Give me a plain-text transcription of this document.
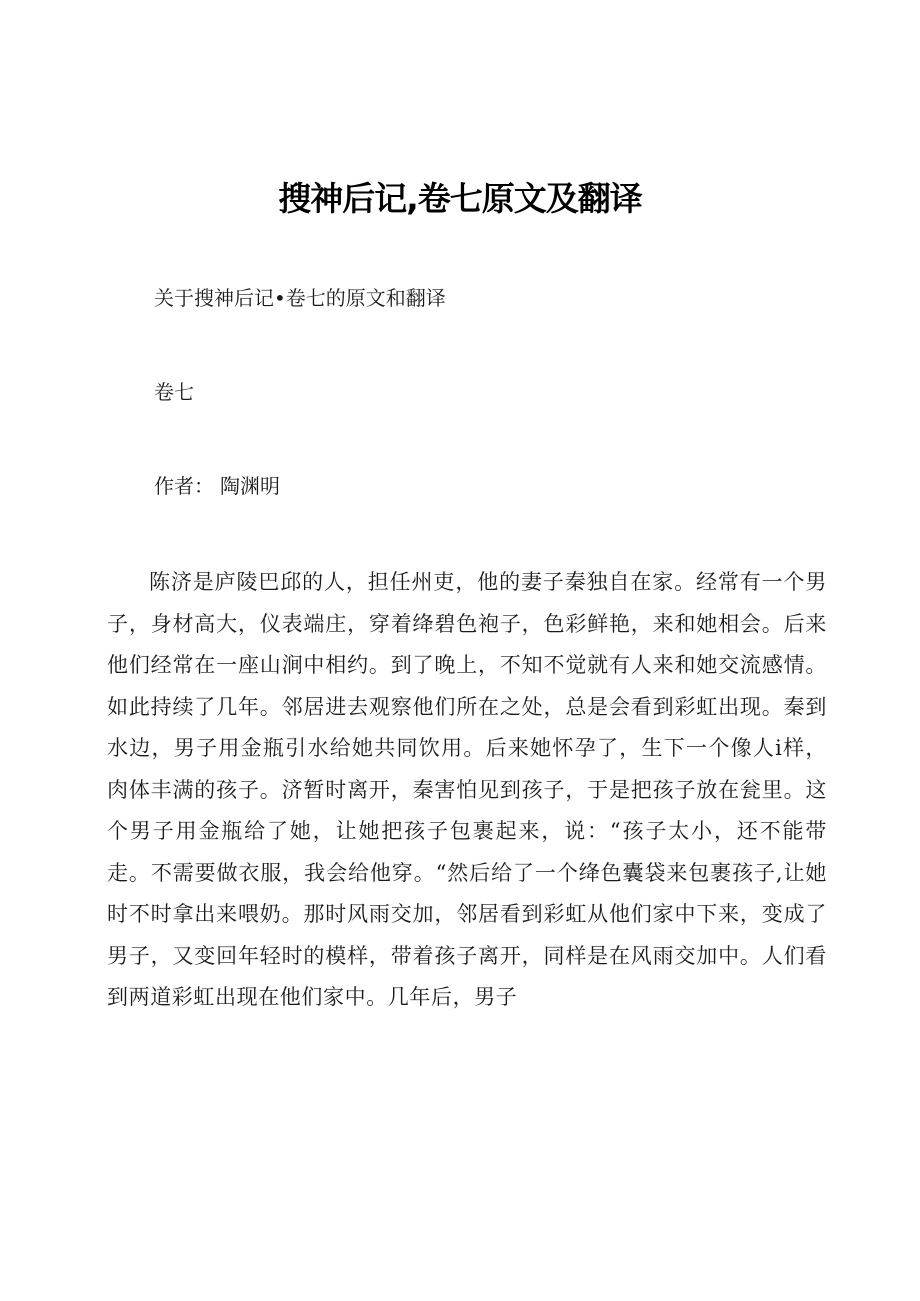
搜神后记,卷七原文及翻译

关于搜神后记•卷七的原文和翻译

卷七

作者： 陶渊明

陈济是庐陵巴邱的人，担任州吏，他的妻子秦独自在家。经常有一个男子，身材高大，仪表端庄，穿着绛碧色袍子，色彩鲜艳，来和她相会。后来他们经常在一座山涧中相约。到了晚上，不知不觉就有人来和她交流感情。如此持续了几年。邻居进去观察他们所在之处，总是会看到彩虹出现。秦到水边，男子用金瓶引水给她共同饮用。后来她怀孕了，生下一个像人i样，肉体丰满的孩子。济暂时离开，秦害怕见到孩子，于是把孩子放在瓮里。这个男子用金瓶给了她，让她把孩子包裹起来，说：“孩子太小，还不能带走。不需要做衣服，我会给他穿。“然后给了一个绛色囊袋来包裹孩子,让她时不时拿出来喂奶。那时风雨交加，邻居看到彩虹从他们家中下来，变成了男子，又变回年轻时的模样，带着孩子离开，同样是在风雨交加中。人们看到两道彩虹出现在他们家中。几年后，男子
